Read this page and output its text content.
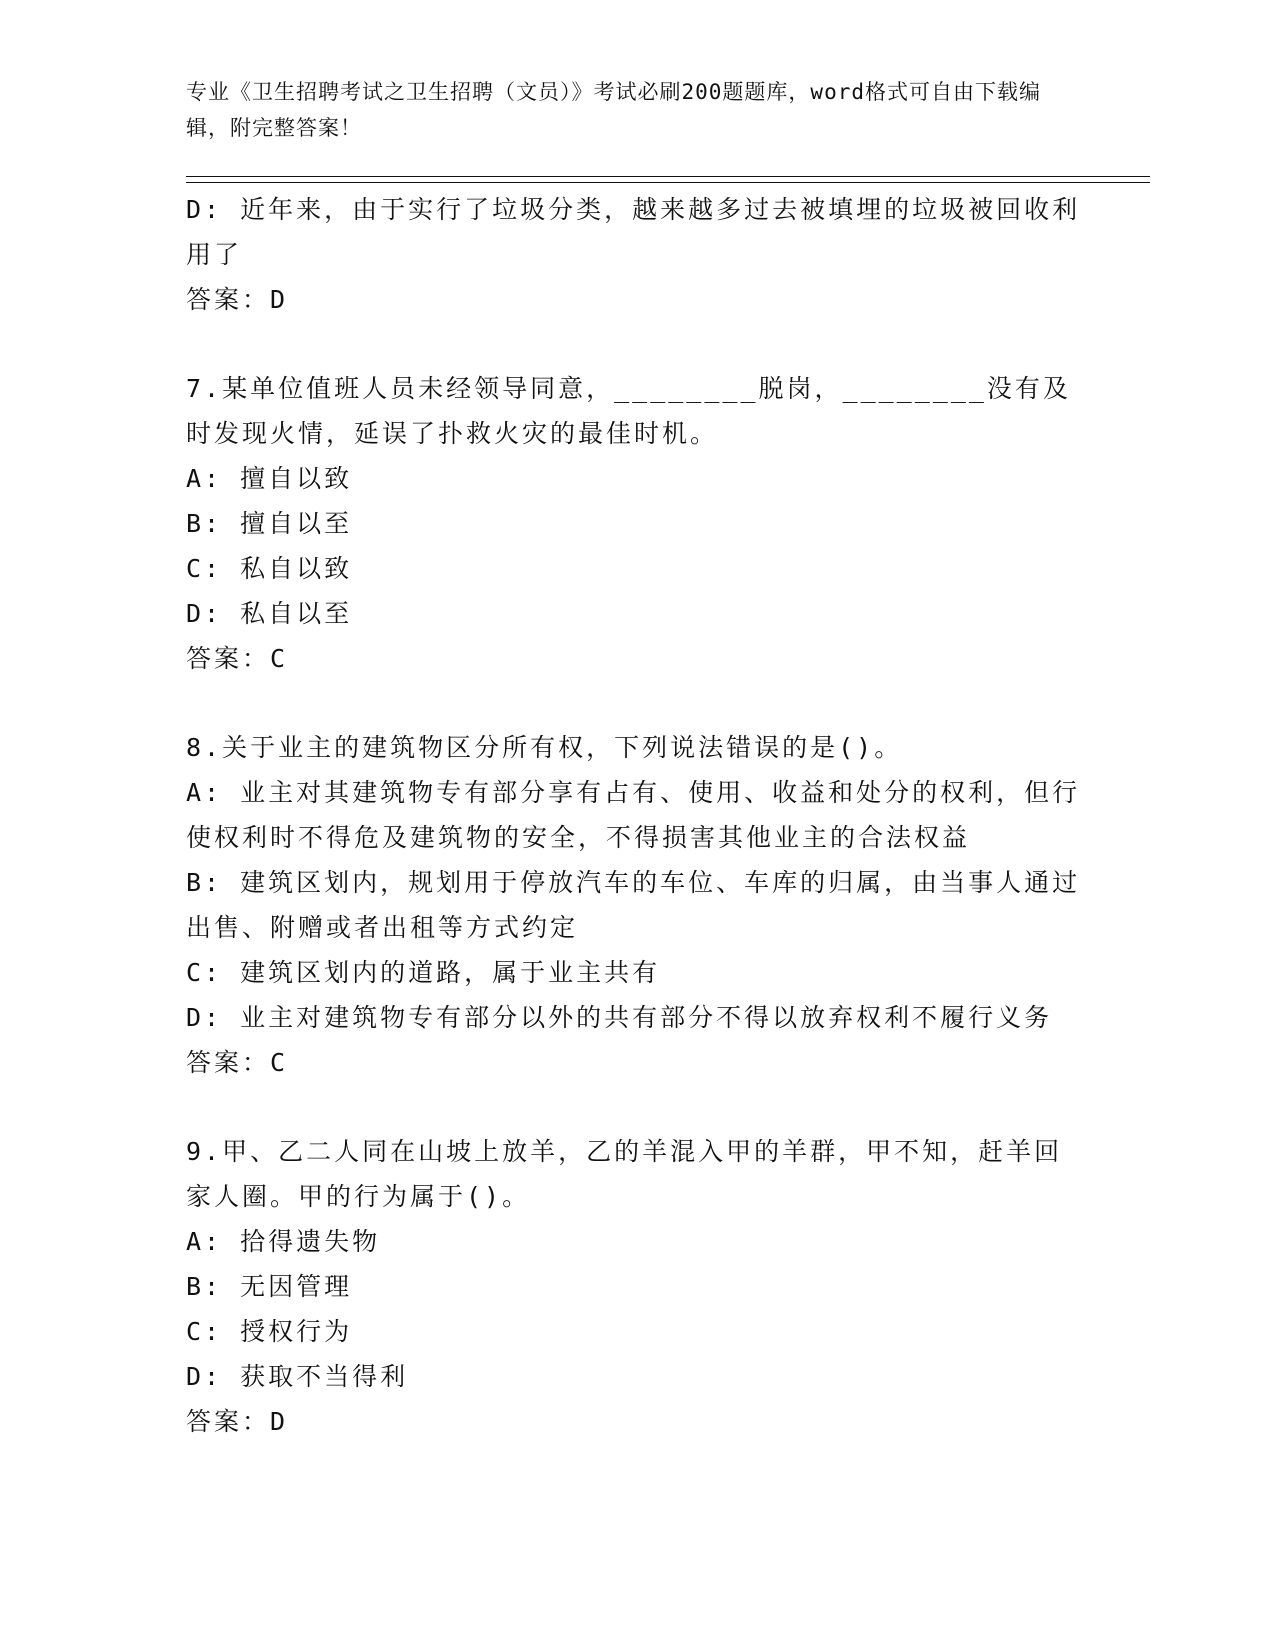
专业《卫生招聘考试之卫生招聘（文员）》考试必刷200题题库，word格式可自由下载编辑，附完整答案！

D: 近年来，由于实行了垃圾分类，越来越多过去被填埋的垃圾被回收利用了

答案：D

7.某单位值班人员未经领导同意，________脱岗，________没有及时发现火情，延误了扑救火灾的最佳时机。

A: 擅自以致

B: 擅自以至

C: 私自以致

D: 私自以至

答案：C

8.关于业主的建筑物区分所有权，下列说法错误的是()。

A: 业主对其建筑物专有部分享有占有、使用、收益和处分的权利，但行使权利时不得危及建筑物的安全，不得损害其他业主的合法权益

B: 建筑区划内，规划用于停放汽车的车位、车库的归属，由当事人通过出售、附赠或者出租等方式约定

C: 建筑区划内的道路，属于业主共有

D: 业主对建筑物专有部分以外的共有部分不得以放弃权利不履行义务

答案：C

9.甲、乙二人同在山坡上放羊，乙的羊混入甲的羊群，甲不知，赶羊回家人圈。甲的行为属于()。

A: 拾得遗失物

B: 无因管理

C: 授权行为

D: 获取不当得利

答案：D
